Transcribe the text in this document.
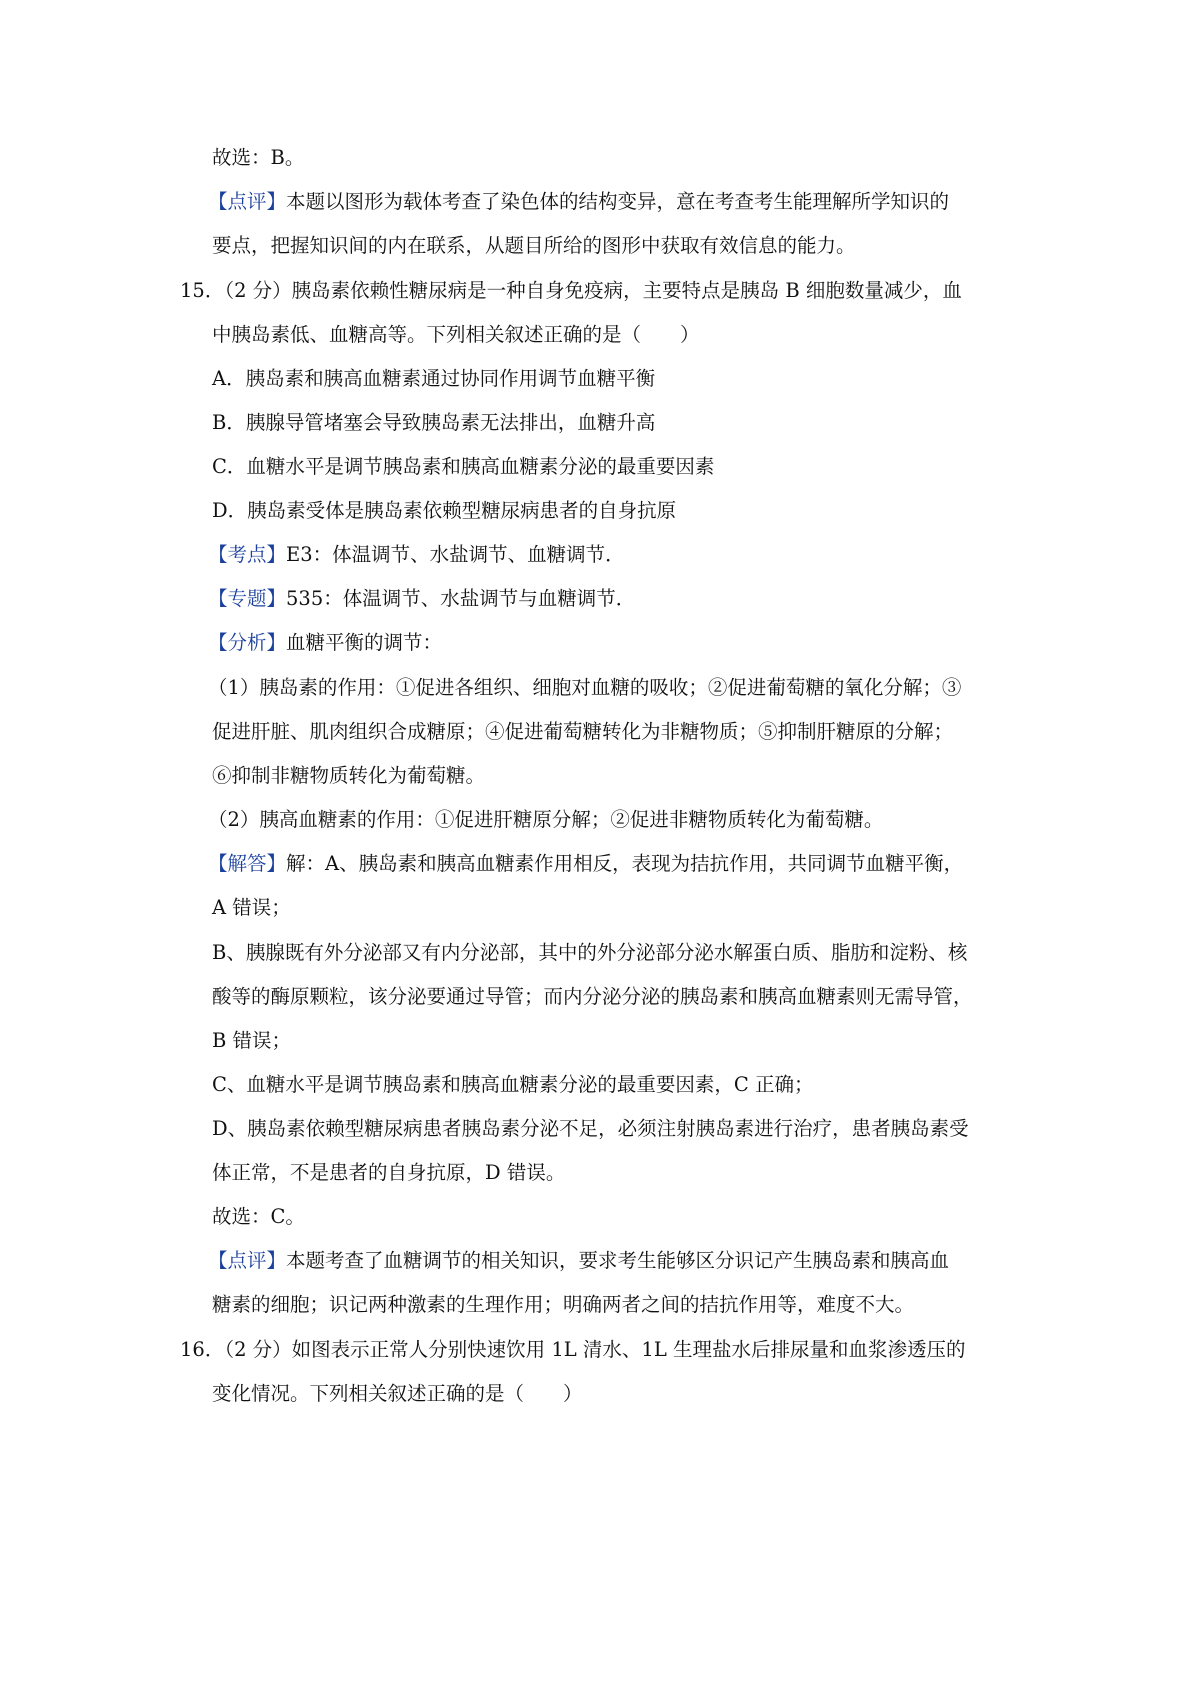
故选：B。
【点评】本题以图形为载体考查了染色体的结构变异，意在考查考生能理解所学知识的
要点，把握知识间的内在联系，从题目所给的图形中获取有效信息的能力。
15．（2 分）胰岛素依赖性糖尿病是一种自身免疫病，主要特点是胰岛 B 细胞数量减少，血
中胰岛素低、血糖高等。下列相关叙述正确的是（　　）
A．胰岛素和胰高血糖素通过协同作用调节血糖平衡
B．胰腺导管堵塞会导致胰岛素无法排出，血糖升高
C．血糖水平是调节胰岛素和胰高血糖素分泌的最重要因素
D．胰岛素受体是胰岛素依赖型糖尿病患者的自身抗原
【考点】E3：体温调节、水盐调节、血糖调节．
【专题】535：体温调节、水盐调节与血糖调节．
【分析】血糖平衡的调节：
（1）胰岛素的作用：①促进各组织、细胞对血糖的吸收；②促进葡萄糖的氧化分解；③
促进肝脏、肌肉组织合成糖原；④促进葡萄糖转化为非糖物质；⑤抑制肝糖原的分解；
⑥抑制非糖物质转化为葡萄糖。
（2）胰高血糖素的作用：①促进肝糖原分解；②促进非糖物质转化为葡萄糖。
【解答】解：A、胰岛素和胰高血糖素作用相反，表现为拮抗作用，共同调节血糖平衡，
A 错误；
B、胰腺既有外分泌部又有内分泌部，其中的外分泌部分泌水解蛋白质、脂肪和淀粉、核
酸等的酶原颗粒，该分泌要通过导管；而内分泌分泌的胰岛素和胰高血糖素则无需导管，
B 错误；
C、血糖水平是调节胰岛素和胰高血糖素分泌的最重要因素，C 正确；
D、胰岛素依赖型糖尿病患者胰岛素分泌不足，必须注射胰岛素进行治疗，患者胰岛素受
体正常，不是患者的自身抗原，D 错误。
故选：C。
【点评】本题考查了血糖调节的相关知识，要求考生能够区分识记产生胰岛素和胰高血
糖素的细胞；识记两种激素的生理作用；明确两者之间的拮抗作用等，难度不大。
16．（2 分）如图表示正常人分别快速饮用 1L 清水、1L 生理盐水后排尿量和血浆渗透压的
变化情况。下列相关叙述正确的是（　　）
